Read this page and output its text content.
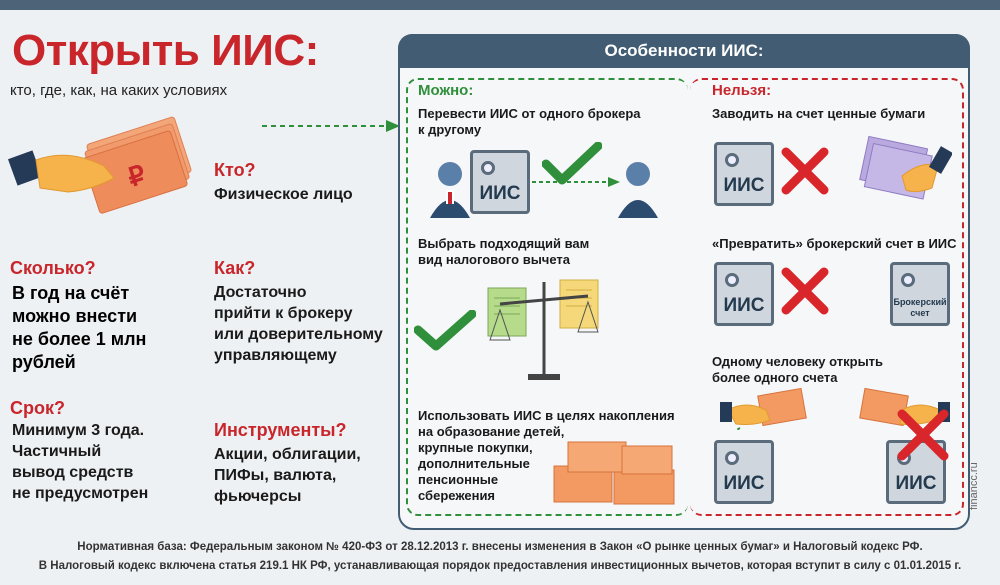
Открыть ИИС:
кто, где, как, на каких условиях
₽	Кто?
Физическое лицо
Сколько?
В год на счёт
можно внести
не более 1 млн
рублей
Как?
Достаточно
прийти к брокеру
или доверительному
управляющему
Срок?
Минимум 3 года.
Частичный
вывод средств
не предусмотрен
Инструменты?
Акции, облигации,
ПИФы, валюта,
фьючерсы
Особенности ИИС:
Можно:	Нельзя:
Перевести ИИС от одного брокера
к другому
ИИС
Выбрать подходящий вам
вид налогового вычета
Использовать ИИС в целях накопления
на образование детей,
крупные покупки,
дополнительные
пенсионные
сбережения
Заводить на счет ценные бумаги
ИИС
«Превратить» брокерский счет в ИИС
ИИС	Брокерский
счет
Одному человеку открыть
более одного счета
ИИС	ИИС
Нормативная база: Федеральным законом № 420-ФЗ от 28.12.2013 г. внесены изменения в Закон «О рынке ценных бумаг» и Налоговый кодекс РФ.
В Налоговый кодекс включена статья 219.1 НК РФ, устанавливающая порядок предоставления инвестиционных вычетов, которая вступит в силу с 01.01.2015 г.
financc.ru
